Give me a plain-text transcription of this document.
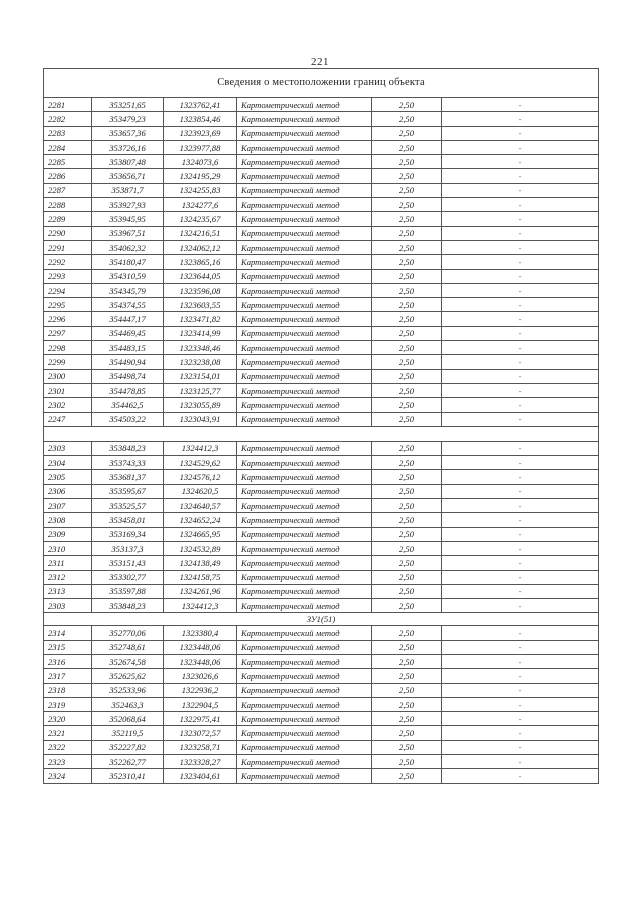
221
Сведения о местоположении границ объекта					
2281	353251,65	1323762,41	Картометрический метод	2,50	-
2282	353479,23	1323854,46	Картометрический метод	2,50	-
2283	353657,36	1323923,69	Картометрический метод	2,50	-
2284	353726,16	1323977,88	Картометрический метод	2,50	-
2285	353807,48	1324073,6	Картометрический метод	2,50	-
2286	353656,71	1324195,29	Картометрический метод	2,50	-
2287	353871,7	1324255,83	Картометрический метод	2,50	-
2288	353927,93	1324277,6	Картометрический метод	2,50	-
2289	353945,95	1324235,67	Картометрический метод	2,50	-
2290	353967,51	1324216,51	Картометрический метод	2,50	-
2291	354062,32	1324062,12	Картометрический метод	2,50	-
2292	354180,47	1323865,16	Картометрический метод	2,50	-
2293	354310,59	1323644,05	Картометрический метод	2,50	-
2294	354345,79	1323596,08	Картометрический метод	2,50	-
2295	354374,55	1323603,55	Картометрический метод	2,50	-
2296	354447,17	1323471,82	Картометрический метод	2,50	-
2297	354469,45	1323414,99	Картометрический метод	2,50	-
2298	354483,15	1323348,46	Картометрический метод	2,50	-
2299	354490,94	1323238,08	Картометрический метод	2,50	-
2300	354498,74	1323154,01	Картометрический метод	2,50	-
2301	354478,85	1323125,77	Картометрический метод	2,50	-
2302	354462,5	1323055,89	Картометрический метод	2,50	-
2247	354503,22	1323043,91	Картометрический метод	2,50	-

2303	353848,23	1324412,3	Картометрический метод	2,50	-
2304	353743,33	1324529,62	Картометрический метод	2,50	-
2305	353681,37	1324576,12	Картометрический метод	2,50	-
2306	353595,67	1324620,5	Картометрический метод	2,50	-
2307	353525,57	1324640,57	Картометрический метод	2,50	-
2308	353458,01	1324652,24	Картометрический метод	2,50	-
2309	353169,34	1324665,95	Картометрический метод	2,50	-
2310	353137,3	1324532,89	Картометрический метод	2,50	-
2311	353151,43	1324138,49	Картометрический метод	2,50	-
2312	353302,77	1324158,75	Картометрический метод	2,50	-
2313	353597,88	1324261,96	Картометрический метод	2,50	-
2303	353848,23	1324412,3	Картометрический метод	2,50	-
ЗУ1(51)					
2314	352770,06	1323380,4	Картометрический метод	2,50	-
2315	352748,61	1323448,06	Картометрический метод	2,50	-
2316	352674,58	1323448,06	Картометрический метод	2,50	-
2317	352625,62	1323026,6	Картометрический метод	2,50	-
2318	352533,96	1322936,2	Картометрический метод	2,50	-
2319	352463,3	1322904,5	Картометрический метод	2,50	-
2320	352068,64	1322975,41	Картометрический метод	2,50	-
2321	352119,5	1323072,57	Картометрический метод	2,50	-
2322	352227,82	1323258,71	Картометрический метод	2,50	-
2323	352262,77	1323328,27	Картометрический метод	2,50	-
2324	352310,41	1323404,61	Картометрический метод	2,50	-
